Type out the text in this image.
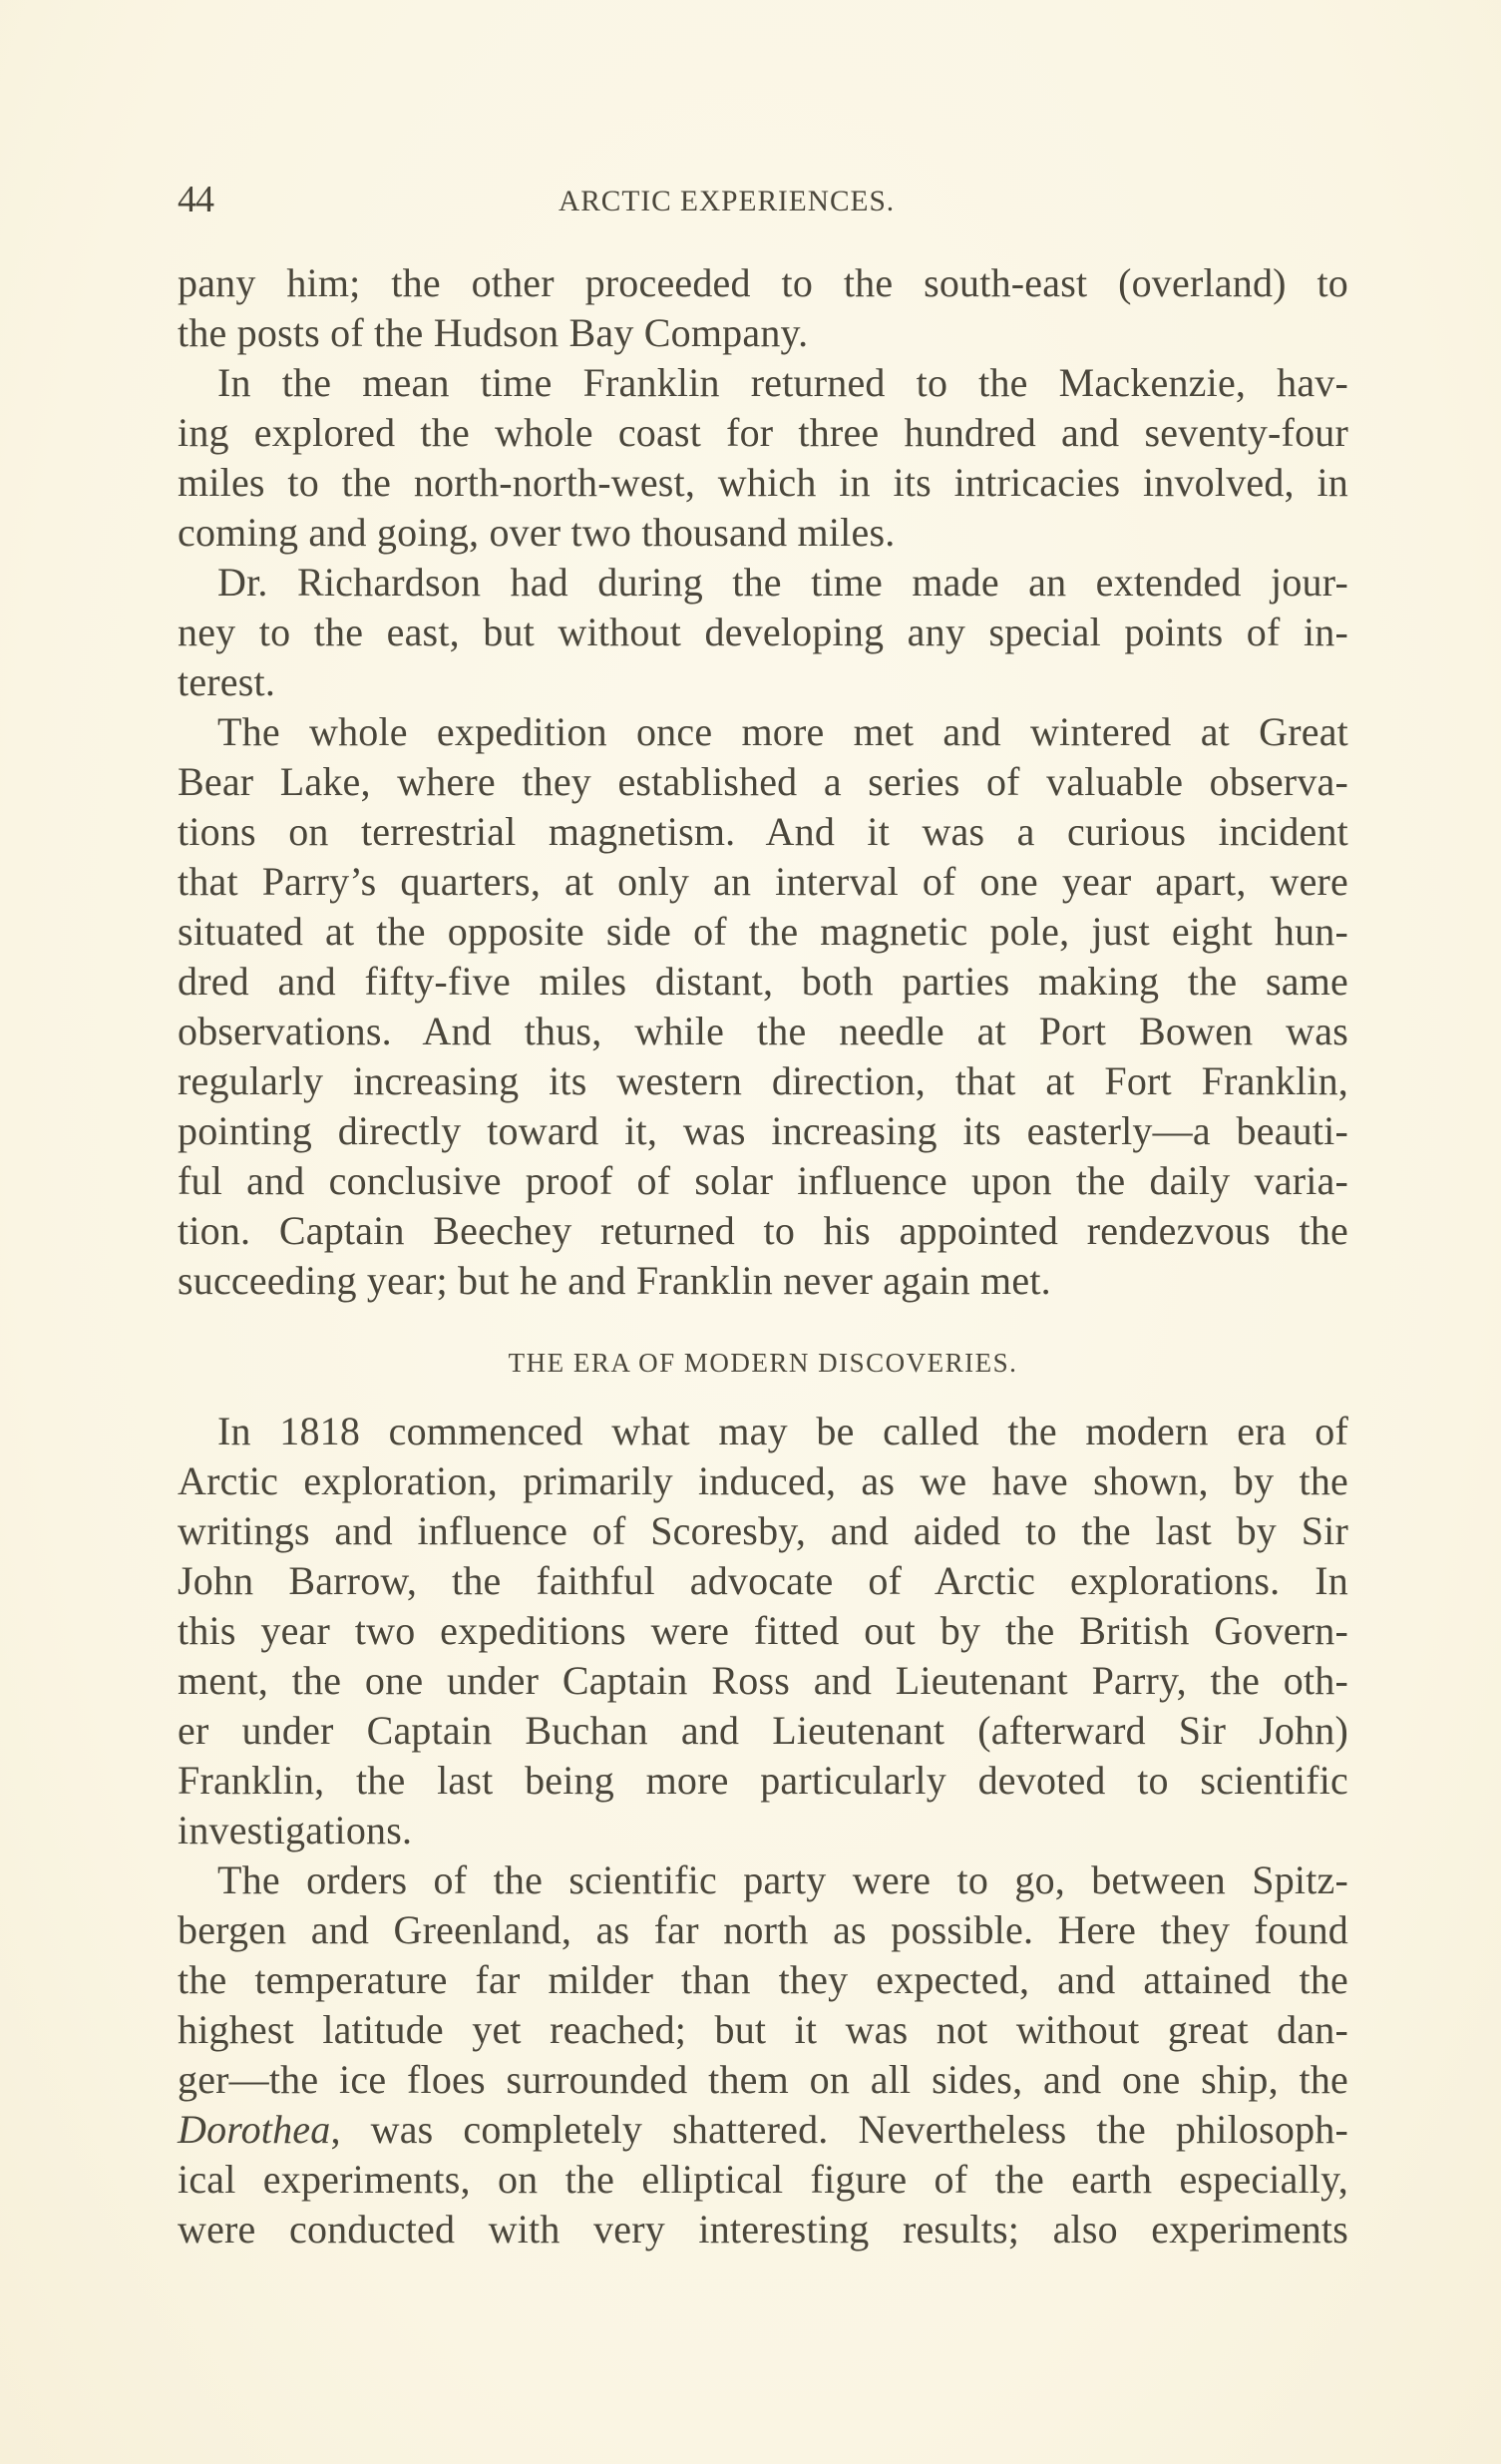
44	ARCTIC EXPERIENCES.
pany him; the other proceeded to the south-east (overland) to
the posts of the Hudson Bay Company.
In the mean time Franklin returned to the Mackenzie, hav-
ing explored the whole coast for three hundred and seventy-four
miles to the north-north-west, which in its intricacies involved, in
coming and going, over two thousand miles.
Dr. Richardson had during the time made an extended jour-
ney to the east, but without developing any special points of in-
terest.
The whole expedition once more met and wintered at Great
Bear Lake, where they established a series of valuable observa-
tions on terrestrial magnetism. And it was a curious incident
that Parry’s quarters, at only an interval of one year apart, were
situated at the opposite side of the magnetic pole, just eight hun-
dred and fifty-five miles distant, both parties making the same
observations. And thus, while the needle at Port Bowen was
regularly increasing its western direction, that at Fort Franklin,
pointing directly toward it, was increasing its easterly—a beauti-
ful and conclusive proof of solar influence upon the daily varia-
tion. Captain Beechey returned to his appointed rendezvous the
succeeding year; but he and Franklin never again met.
THE ERA OF MODERN DISCOVERIES.
In 1818 commenced what may be called the modern era of
Arctic exploration, primarily induced, as we have shown, by the
writings and influence of Scoresby, and aided to the last by Sir
John Barrow, the faithful advocate of Arctic explorations. In
this year two expeditions were fitted out by the British Govern-
ment, the one under Captain Ross and Lieutenant Parry, the oth-
er under Captain Buchan and Lieutenant (afterward Sir John)
Franklin, the last being more particularly devoted to scientific
investigations.
The orders of the scientific party were to go, between Spitz-
bergen and Greenland, as far north as possible. Here they found
the temperature far milder than they expected, and attained the
highest latitude yet reached; but it was not without great dan-
ger—the ice floes surrounded them on all sides, and one ship, the
Dorothea, was completely shattered. Nevertheless the philosoph-
ical experiments, on the elliptical figure of the earth especially,
were conducted with very interesting results; also experiments
